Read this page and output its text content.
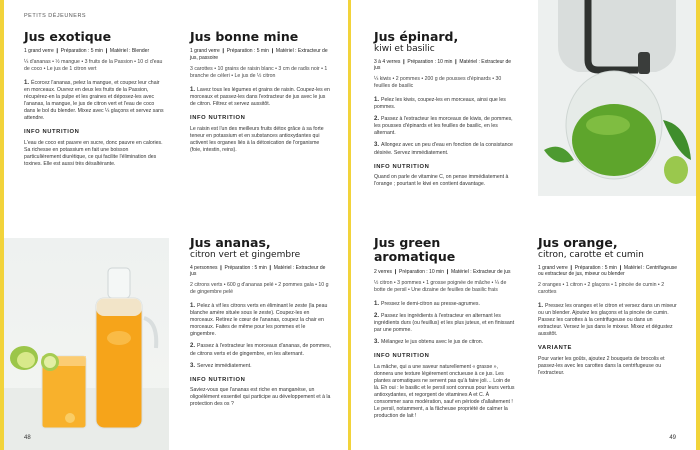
PETITS DÉJEUNERS
Jus exotique
1 grand verre ❙ Préparation : 5 min ❙ Matériel : Blender
¼ d'ananas • ½ mangue • 3 fruits de la Passion • 10 cl d'eau de coco • Le jus de 1 citron vert

1. Écorcez l'ananas, pelez la mangue, et coupez leur chair en morceaux. Ouvrez en deux les fruits de la Passion, récupérez-en la pulpe et les graines et déposez-les avec l'ananas, la mangue, le jus de citron vert et l'eau de coco dans le bol du blender. Mixez avec ¼ glaçons et servez sans attendre.

INFO NUTRITION

L'eau de coco est pauvre en sucre, donc pauvre en calories. Sa richesse en potassium en fait une boisson particulièrement diurétique, ce qui facilite l'élimination des toxines. Elle est aussi très désaltérante.

Jus bonne mine
1 grand verre ❙ Préparation : 5 min ❙ Matériel : Extracteur de jus, passoire
3 carottes • 10 grains de raisin blanc • 3 cm de radis noir • 1 branche de céleri • Le jus de ½ citron

1. Lavez tous les légumes et grains de raisin. Coupez-les en morceaux et passez-les dans l'extracteur de jus avec le jus de citron. Filtrez et servez aussitôt.

INFO NUTRITION

Le raisin est l'un des meilleurs fruits détox grâce à sa forte teneur en potassium et en substances antioxydantes qui activent les organes liés à la détoxication de l'organisme (foie, intestin, reins).

Jus ananas,
citron vert et gingembre
4 personnes ❙ Préparation : 5 min ❙ Matériel : Extracteur de jus
2 citrons verts • 600 g d'ananas pelé • 2 pommes gala • 10 g de gingembre pelé

1. Pelez à vif les citrons verts en éliminant le zeste (la peau blanche amère située sous le zeste). Coupez-les en morceaux. Retirez le cœur de l'ananas, coupez la chair en morceaux. Faites de même pour les pommes et le gingembre.

2. Passez à l'extracteur les morceaux d'ananas, de pommes, de citrons verts et de gingembre, en les alternant.

3. Servez immédiatement.

INFO NUTRITION

Saviez-vous que l'ananas est riche en manganèse, un oligoélément essentiel qui participe au développement et à la protection des os ?

48
Jus épinard,
kiwi et basilic
3 à 4 verres ❙ Préparation : 10 min ❙ Matériel : Extracteur de jus
¼ kiwis • 2 pommes • 200 g de pousses d'épinards • 30 feuilles de basilic

1. Pelez les kiwis, coupez-les en morceaux, ainsi que les pommes.

2. Passez à l'extracteur les morceaux de kiwis, de pommes, les pousses d'épinards et les feuilles de basilic, en les alternant.

3. Allongez avec un peu d'eau en fonction de la consistance désirée. Servez immédiatement.

INFO NUTRITION

Quand on parle de vitamine C, on pense immédiatement à l'orange ; pourtant le kiwi en contient davantage.

Jus green aromatique
2 verres ❙ Préparation : 10 min ❙ Matériel : Extracteur de jus
½ citron • 3 pommes • 1 grosse poignée de mâche • ¼ de botte de persil • Une dizaine de feuilles de basilic frais

1. Pressez le demi-citron au presse-agrumes.

2. Passez les ingrédients à l'extracteur en alternant les ingrédients durs (ou feuillus) et les plus juteux, et en finissant par une pomme.

3. Mélangez le jus obtenu avec le jus de citron.

INFO NUTRITION

La mâche, qui a une saveur naturellement « grasse », donnera une texture légèrement onctueuse à ce jus. Les plantes aromatiques ne servent pas qu'à faire joli… Loin de là. Eh oui : le basilic et le persil sont connus pour leurs vertus antioxydantes, et regorgent de vitamines A et C. À consommer sans modération, sauf en période d'allaitement ! Le persil, notamment, a la fâcheuse propriété de calmer la production de lait !

Jus orange,
citron, carotte et cumin
1 grand verre ❙ Préparation : 5 min ❙ Matériel : Centrifugeuse ou extracteur de jus, mixeur ou blender
2 oranges • 1 citron • 2 glaçons • 1 pincée de cumin • 2 carottes

1. Pressez les oranges et le citron et versez dans un mixeur ou un blender. Ajoutez les glaçons et la pincée de cumin. Passez les carottes à la centrifugeuse ou dans un extracteur. Versez le jus dans le mixeur. Mixez et dégustez aussitôt.

VARIANTE

Pour varier les goûts, ajoutez 2 bouquets de brocolis et passez-les avec les carottes dans la centrifugeuse ou l'extracteur.

49
